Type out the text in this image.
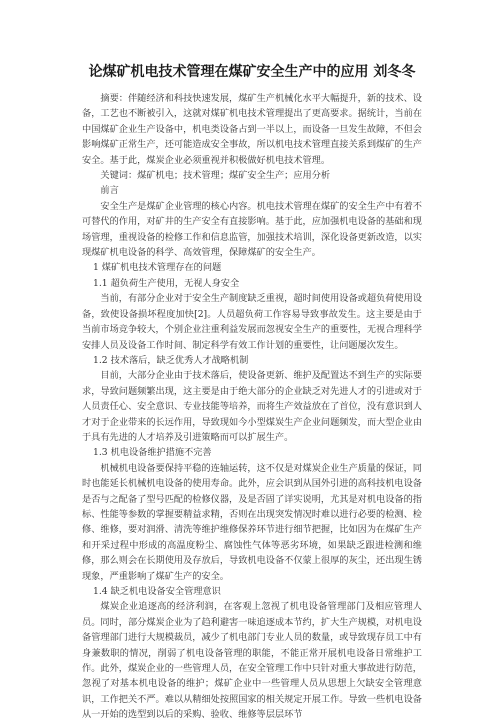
论煤矿机电技术管理在煤矿安全生产中的应用 刘冬冬

摘要：伴随经济和科技快速发展，煤矿生产机械化水平大幅提升，新的技术、设备，工艺也不断被引入，这就对煤矿机电技术管理提出了更高要求。据统计，当前在中国煤矿企业生产设备中，机电类设备占到一半以上，而设备一旦发生故障，不但会影响煤矿正常生产，还可能造成安全事故，所以机电技术管理直接关系到煤矿的生产安全。基于此，煤炭企业必须重视并积极做好机电技术管理。

关键词：煤矿机电；技术管理；煤矿安全生产；应用分析

前言

安全生产是煤矿企业管理的核心内容。机电技术管理在煤矿的安全生产中有着不可替代的作用，对矿井的生产安全有直接影响。基于此，应加强机电设备的基础和现场管理，重视设备的检修工作和信息监管，加强技术培训，深化设备更新改造，以实现煤矿机电设备的科学、高效管理，保障煤矿的安全生产。

1 煤矿机电技术管理存在的问题

1.1 超负荷生产使用，无视人身安全

当前，有部分企业对于安全生产制度缺乏重视，超时间使用设备或超负荷使用设备，致使设备损坏程度加快[2]。人员超负荷工作容易导致事故发生。这主要是由于当前市场竞争较大，个别企业注重利益发展而忽视安全生产的重要性，无视合理科学安排人员及设备工作时间、制定科学有效工作计划的重要性，让问题屡次发生。

1.2 技术落后，缺乏优秀人才战略机制

目前，大部分企业由于技术落后，使设备更新、维护及配置达不到生产的实际要求，导致问题频繁出现，这主要是由于绝大部分的企业缺乏对先进人才的引进或对于人员责任心、安全意识、专业技能等培养，而将生产效益放在了首位，没有意识到人才对于企业带来的长远作用，导致现如今小型煤炭生产企业问题频发，而大型企业由于具有先进的人才培养及引进策略而可以扩展生产。

1.3 机电设备维护措施不完善

机械机电设备要保持平稳的连轴运转，这不仅是对煤炭企业生产质量的保证，同时也能延长机械机电设备的使用寿命。此外，应会识到从国外引进的高科技机电设备是否与之配备了型号匹配的检修仪器，及是否固了详实说明，尤其是对机电设备的指标、性能等参数的掌握要精益求精，否则在出现突发情况时难以进行必要的检测、检修、维修，要对润滑、清洗等维护维修保养环节进行细节把握，比如因为在煤矿生产和开采过程中形成的高温度粉尘、腐蚀性气体等恶劣环境，如果缺乏跟进检测和维修，那么则会在长期使用及存放后，导致机电设备不仅蒙上很厚的灰尘，还出现生锈现象，严重影响了煤矿生产的安全。

1.4 缺乏机电设备安全管理意识

煤炭企业追逐高的经济利润，在客观上忽视了机电设备管理部门及相应管理人员。同时，部分煤炭企业为了趋利避害一味追逐成本节约，扩大生产规模，对机电设备管理部门进行大规模裁员，减少了机电部门专业人员的数量，或导致现存员工中有身兼数职的情况，削弱了机电设备管理的职能，不能正常开展机电设备日常维护工作。此外，煤炭企业的一些管理人员，在安全管理工作中只针对重大事故进行防范，忽视了对基本机电设备的维护；煤矿企业中一些管理人员从思想上欠缺安全管理意识，工作把关不严。难以从精细处按照国家的相关规定开展工作。导致一些机电设备从一开始的选型到以后的采购、验收、维修等层层环节
